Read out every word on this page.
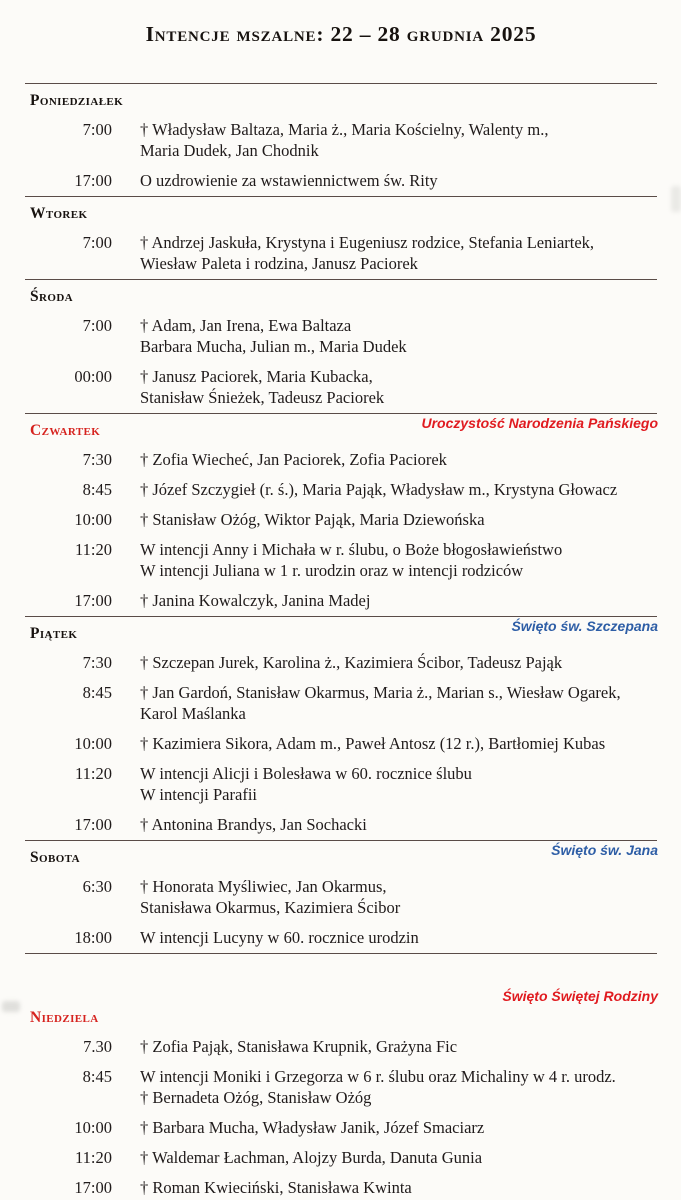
Intencje mszalne: 22 – 28 grudnia 2025
Poniedziałek
7:00 † Władysław Baltaza, Maria ż., Maria Kościelny, Walenty m.,
Maria Dudek, Jan Chodnik
17:00 O uzdrowienie za wstawiennictwem św. Rity
Wtorek
7:00 † Andrzej Jaskuła, Krystyna i Eugeniusz rodzice, Stefania Leniartek,
Wiesław Paleta i rodzina, Janusz Paciorek
Środa
7:00 † Adam, Jan Irena, Ewa Baltaza
Barbara Mucha, Julian m., Maria Dudek
00:00 † Janusz Paciorek, Maria Kubacka,
Stanisław Śnieżek, Tadeusz Paciorek
Czwartek	Uroczystość Narodzenia Pańskiego
7:30 † Zofia Wiecheć, Jan Paciorek, Zofia Paciorek
8:45 † Józef Szczygieł (r. ś.), Maria Pająk, Władysław m., Krystyna Głowacz
10:00 † Stanisław Ożóg, Wiktor Pająk, Maria Dziewońska
11:20 W intencji Anny i Michała w r. ślubu, o Boże błogosławieństwo
W intencji Juliana w 1 r. urodzin oraz w intencji rodziców
17:00 † Janina Kowalczyk, Janina Madej
Piątek	Święto św. Szczepana
7:30 † Szczepan Jurek, Karolina ż., Kazimiera Ścibor, Tadeusz Pająk
8:45 † Jan Gardoń, Stanisław Okarmus, Maria ż., Marian s., Wiesław Ogarek,
Karol Maślanka
10:00 † Kazimiera Sikora, Adam m., Paweł Antosz (12 r.), Bartłomiej Kubas
11:20 W intencji Alicji i Bolesława w 60. rocznice ślubu
W intencji Parafii
17:00 † Antonina Brandys, Jan Sochacki
Sobota	Święto św. Jana
6:30 † Honorata Myśliwiec, Jan Okarmus,
Stanisława Okarmus, Kazimiera Ścibor
18:00 W intencji Lucyny w 60. rocznice urodzin
Niedziela
Święto Świętej Rodziny
7.30 † Zofia Pająk, Stanisława Krupnik, Grażyna Fic
8:45 W intencji Moniki i Grzegorza w 6 r. ślubu oraz Michaliny w 4 r. urodz.
† Bernadeta Ożóg, Stanisław Ożóg
10:00 † Barbara Mucha, Władysław Janik, Józef Smaciarz
11:20 † Waldemar Łachman, Alojzy Burda, Danuta Gunia
17:00 † Roman Kwieciński, Stanisława Kwinta
